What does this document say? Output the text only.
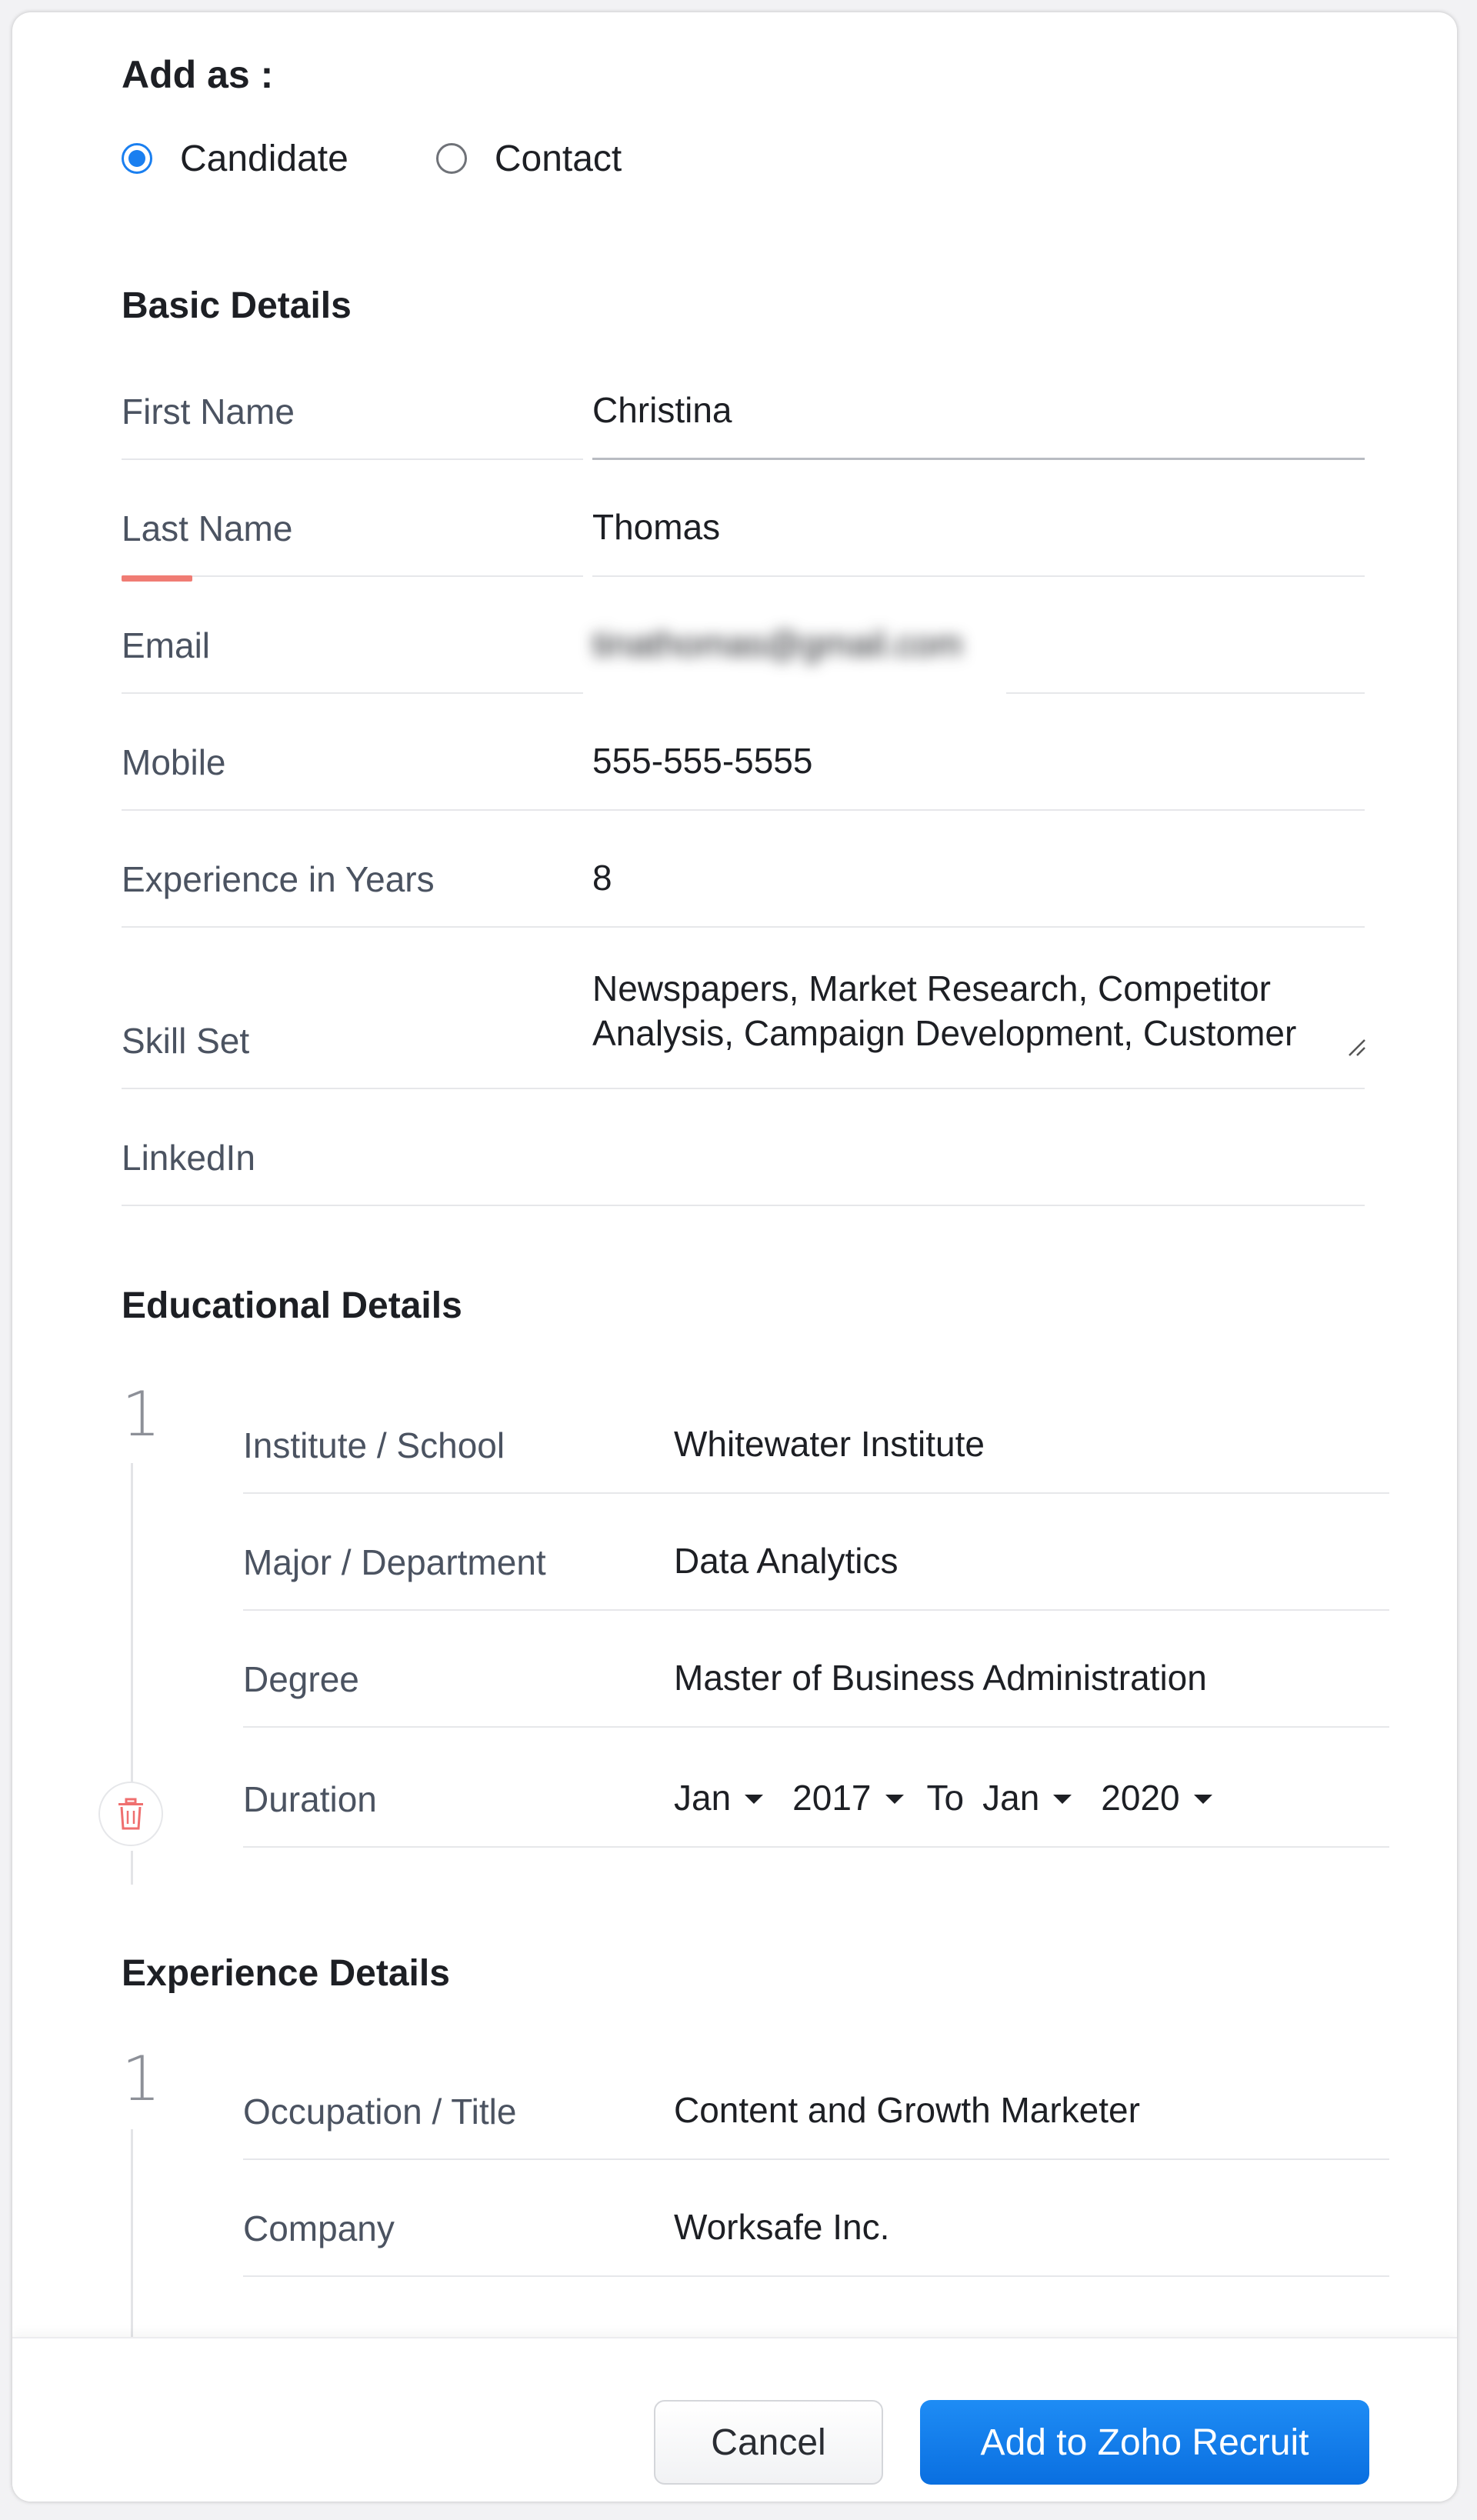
Add as :
Candidate	Contact
Basic Details
First Name	Christina
Last Name	Thomas
Email	tinathomas@gmail.com
Mobile	555-555-5555
Experience in Years	8
Skill Set
Newspapers, Market Research, Competitor
Analysis, Campaign Development, Customer
LinkedIn
Educational Details
1 Institute / School	Whitewater Institute
Major / Department	Data Analytics
Degree	Master of Business Administration
Duration	Jan 2017 To Jan 2020
Experience Details
1 Occupation / Title	Content and Growth Marketer
Company	Worksafe Inc.
Cancel	Add to Zoho Recruit
